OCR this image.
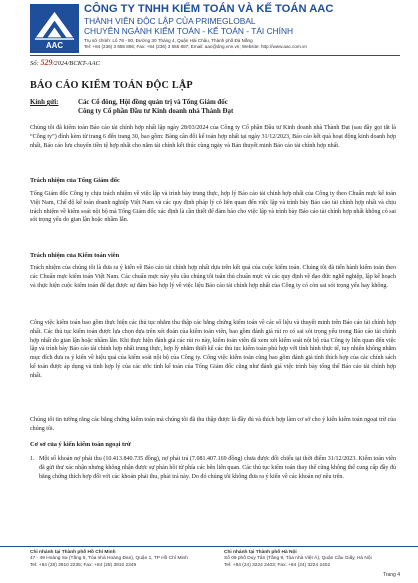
AAC
CÔNG TY TNHH KIỂM TOÁN VÀ KẾ TOÁN AAC
THÀNH VIÊN ĐỘC LẬP CỦA PRIMEGLOBAL
CHUYÊN NGÀNH KIỂM TOÁN - KẾ TOÁN - TÀI CHÍNH
Trụ sở chính: Lô 78 - 80, Đường 30 Tháng 4, Quận Hải Châu, Thành phố Đà Nẵng
Tel: +84 (236) 3 655 886; Fax: +84 (236) 3 655 887; Email: aac@dng.vnn.vn; Website: http://www.aac.com.vn
Số: 529/2024/BCKT-AAC
BÁO CÁO KIỂM TOÁN ĐỘC LẬP
Kính gửi:	Các Cổ đông, Hội đồng quản trị và Tổng Giám đốc
Công ty Cổ phần Đầu tư Kinh doanh nhà Thành Đạt
Chúng tôi đã kiểm toán Báo cáo tài chính hợp nhất lập ngày 28/03/2024 của Công ty Cổ phần Đầu tư Kinh doanh nhà Thành Đạt (sau đây gọi tắt là “Công ty”) đính kèm từ trang 6 đến trang 30, bao gồm: Bảng cân đối kế toán hợp nhất tại ngày 31/12/2023, Báo cáo kết quả hoạt động kinh doanh hợp nhất, Báo cáo lưu chuyển tiền tệ hợp nhất cho năm tài chính kết thúc cùng ngày và Bản thuyết minh Báo cáo tài chính hợp nhất.
Trách nhiệm của Tổng Giám đốc
Tổng Giám đốc Công ty chịu trách nhiệm về việc lập và trình bày trung thực, hợp lý Báo cáo tài chính hợp nhất của Công ty theo Chuẩn mực kế toán Việt Nam, Chế độ kế toán doanh nghiệp Việt Nam và các quy định pháp lý có liên quan đến việc lập và trình bày Báo cáo tài chính hợp nhất và chịu trách nhiệm về kiểm soát nội bộ mà Tổng Giám đốc xác định là cần thiết để đảm bảo cho việc lập và trình bày Báo cáo tài chính hợp nhất không có sai sót trọng yếu do gian lận hoặc nhầm lẫn.
Trách nhiệm của Kiểm toán viên
Trách nhiệm của chúng tôi là đưa ra ý kiến về Báo cáo tài chính hợp nhất dựa trên kết quả của cuộc kiểm toán. Chúng tôi đã tiến hành kiểm toán theo các Chuẩn mực kiểm toán Việt Nam. Các chuẩn mực này yêu cầu chúng tôi tuân thủ chuẩn mực và các quy định về đạo đức nghề nghiệp, lập kế hoạch và thực hiện cuộc kiểm toán để đạt được sự đảm bảo hợp lý về việc liệu Báo cáo tài chính hợp nhất của Công ty có còn sai sót trọng yếu hay không.
Công việc kiểm toán bao gồm thực hiện các thủ tục nhằm thu thập các bằng chứng kiểm toán về các số liệu và thuyết minh trên Báo cáo tài chính hợp nhất. Các thủ tục kiểm toán được lựa chọn dựa trên xét đoán của kiểm toán viên, bao gồm đánh giá rủi ro có sai sót trọng yếu trong Báo cáo tài chính hợp nhất do gian lận hoặc nhầm lẫn. Khi thực hiện đánh giá các rủi ro này, kiểm toán viên đã xem xét kiểm soát nội bộ của Công ty liên quan đến việc lập và trình bày Báo cáo tài chính hợp nhất trung thực, hợp lý nhằm thiết kế các thủ tục kiểm toán phù hợp với tình hình thực tế, tuy nhiên không nhằm mục đích đưa ra ý kiến về hiệu quả của kiểm soát nội bộ của Công ty. Công việc kiểm toán cũng bao gồm đánh giá tính thích hợp của các chính sách kế toán được áp dụng và tính hợp lý của các ước tính kế toán của Tổng Giám đốc cũng như đánh giá việc trình bày tổng thể Báo cáo tài chính hợp nhất.
Chúng tôi tin tưởng rằng các bằng chứng kiểm toán mà chúng tôi đã thu thập được là đầy đủ và thích hợp làm cơ sở cho ý kiến kiểm toán ngoại trừ của chúng tôi.
Cơ sở của ý kiến kiểm toán ngoại trừ
1. Một số khoản nợ phải thu (10.413.840.735 đồng), nợ phải trả (7.081.407.169 đồng) chưa được đối chiếu tại thời điểm 31/12/2023. Kiểm toán viên đã gửi thư xác nhận nhưng không nhận được sự phản hồi từ phía các bên liên quan. Các thủ tục kiểm toán thay thế cũng không thể cung cấp đầy đủ bằng chứng thích hợp đối với các khoản phải thu, phải trả này. Do đó chúng tôi không đưa ra ý kiến về các khoản nợ nêu trên.
Chi nhánh tại Thành phố Hồ Chí Minh
47 - 49 Hoàng Sa (Tầng 5, Tòa nhà Hoàng Đan), Quận 1, TP Hồ Chí Minh
Tel: +84 (28) 3910 2235; Fax: +84 (28) 3910 2349
Chi nhánh tại Thành phố Hà Nội
Số 09 phố Duy Tân (Tầng 9, Tòa nhà Việt Á), Quận Cầu Giấy, Hà Nội
Tel: +84 (24) 3224 2403; Fax: +84 (24) 3224 2402
Trang 4
